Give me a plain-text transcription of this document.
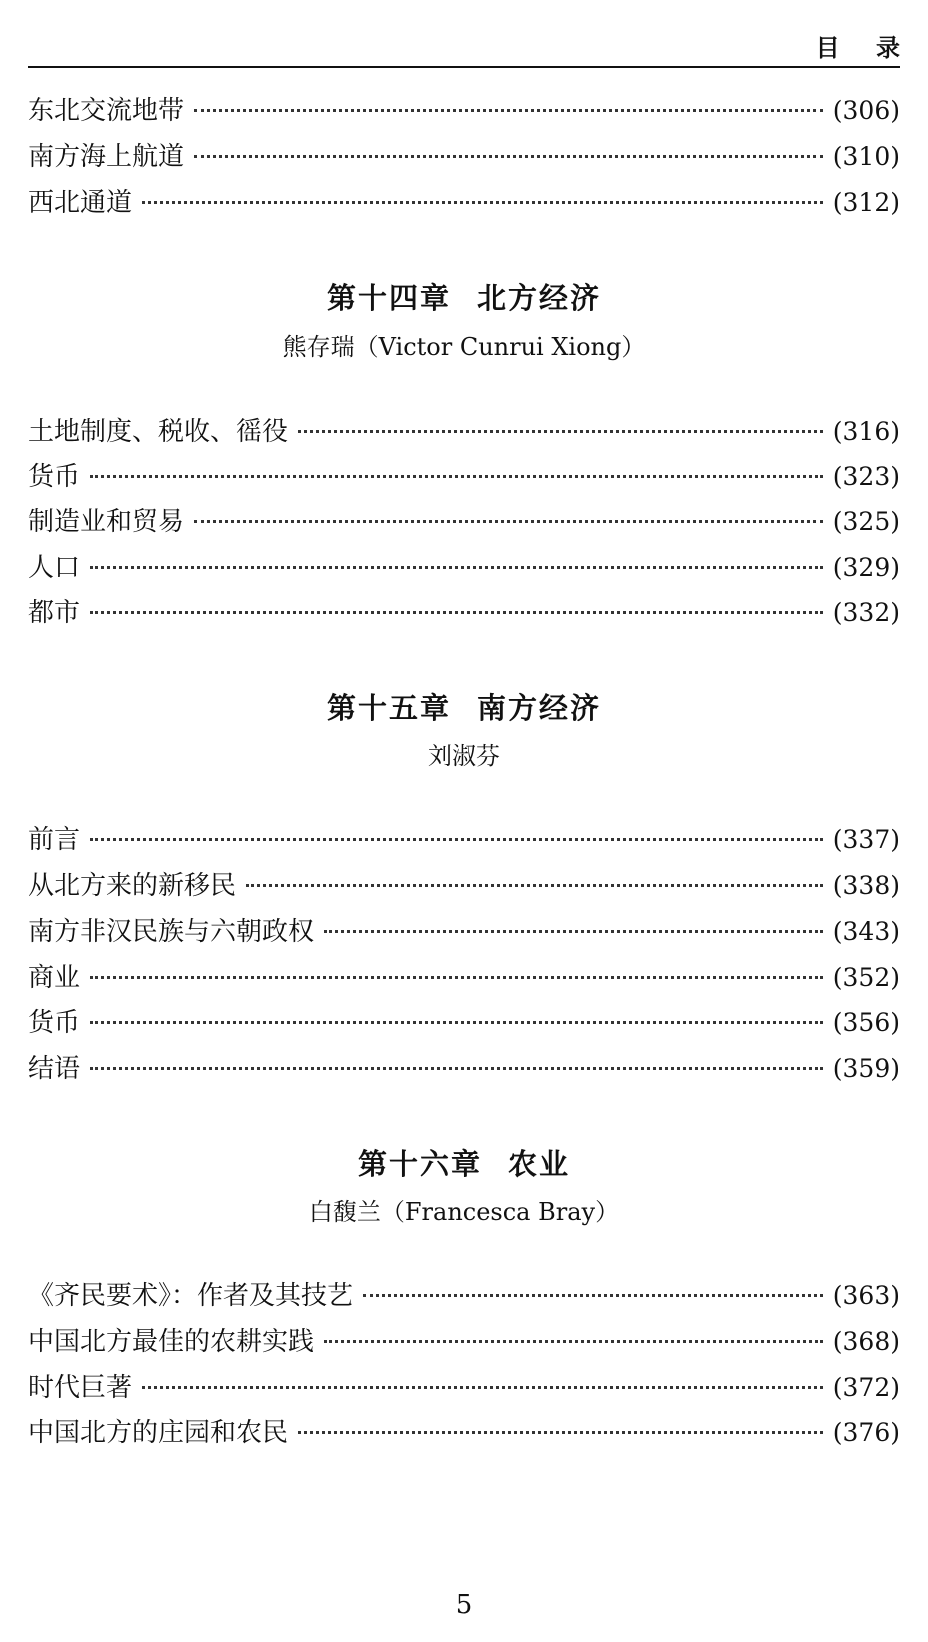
目 录
东北交流地带	(306)
南方海上航道	(310)
西北通道	(312)
第十四章 北方经济
熊存瑞（Victor Cunrui Xiong）
土地制度、税收、徭役	(316)
货币	(323)
制造业和贸易	(325)
人口	(329)
都市	(332)
第十五章 南方经济
刘淑芬
前言	(337)
从北方来的新移民	(338)
南方非汉民族与六朝政权	(343)
商业	(352)
货币	(356)
结语	(359)
第十六章 农业
白馥兰（Francesca Bray）
《齐民要术》：作者及其技艺	(363)
中国北方最佳的农耕实践	(368)
时代巨著	(372)
中国北方的庄园和农民	(376)
5
